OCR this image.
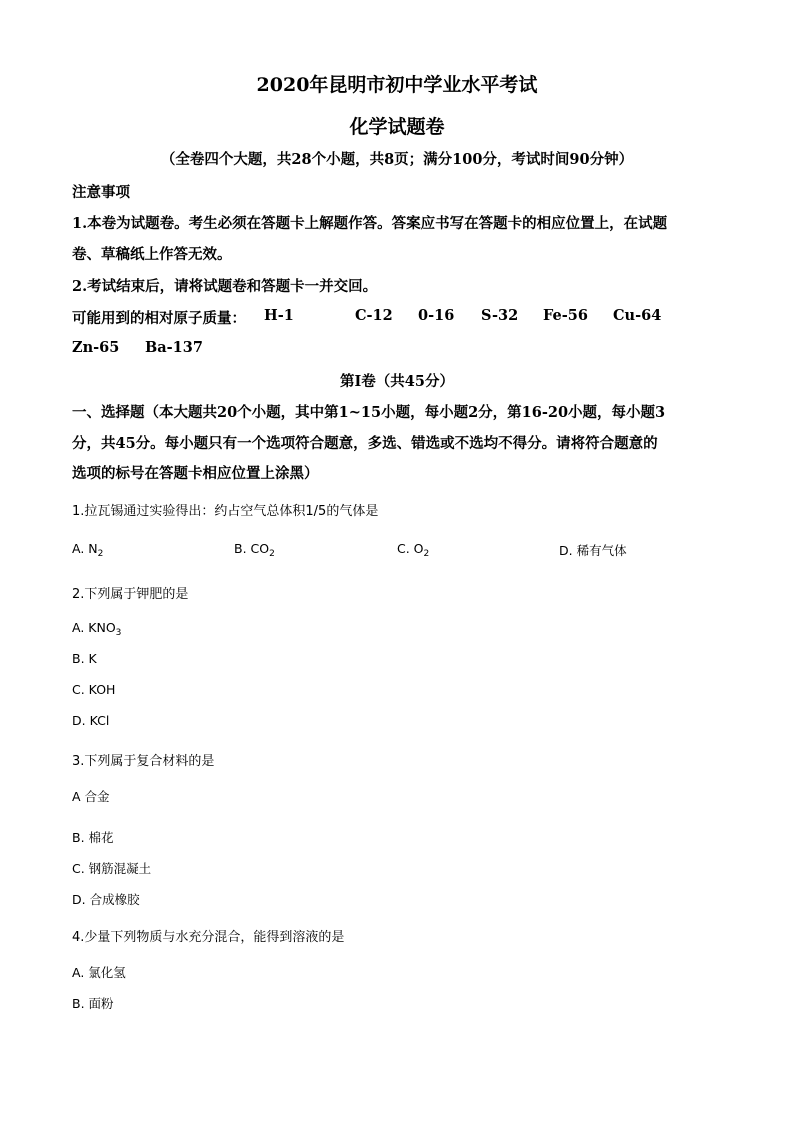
2020年昆明市初中学业水平考试
化学试题卷
（全卷四个大题，共28个小题，共8页；满分100分，考试时间90分钟）
注意事项
1.本卷为试题卷。考生必须在答题卡上解题作答。答案应书写在答题卡的相应位置上，在试题
卷、草稿纸上作答无效。
2.考试结束后，请将试题卷和答题卡一并交回。
可能用到的相对原子质量： H-1	C-12 0-16 S-32 Fe-56 Cu-64
Zn-65 Ba-137
第Ⅰ卷（共45分）
一、选择题（本大题共20个小题，其中第1~15小题，每小题2分，第16-20小题，每小题3
分，共45分。每小题只有一个选项符合题意，多选、错选或不选均不得分。请将符合题意的
选项的标号在答题卡相应位置上涂黑）
1.拉瓦锡通过实验得出：约占空气总体积1/5的气体是
A. $N_2$	B. $CO_2$	C. $O_2$	D. 稀有气体
2.下列属于钾肥的是
A. $KNO_3$
B. K
C. KOH
D. KCl
3.下列属于复合材料的是
A 合金
B. 棉花
C. 钢筋混凝土
D. 合成橡胶
4.少量下列物质与水充分混合，能得到溶液的是
A. 氯化氢
B. 面粉
